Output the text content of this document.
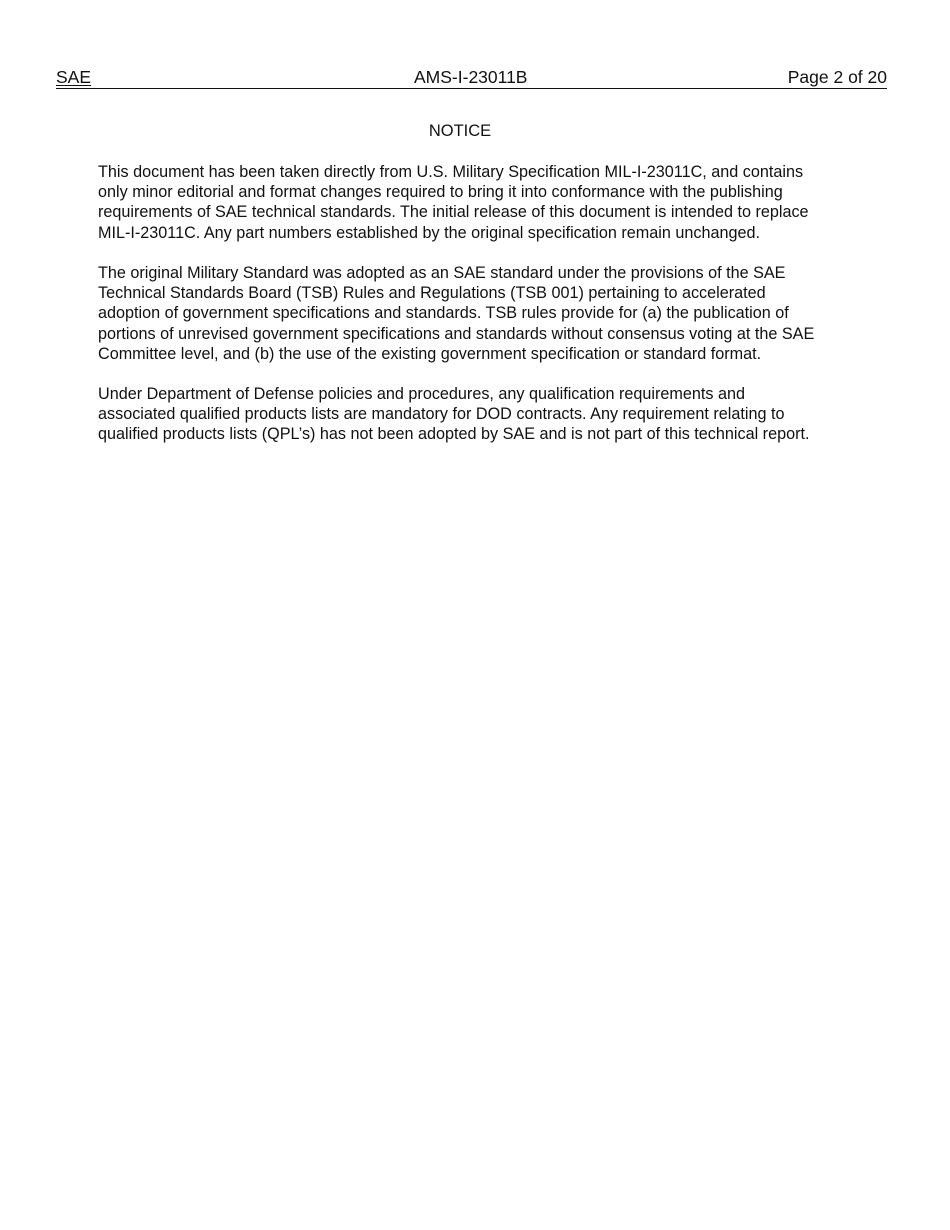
SAE	AMS-I-23011B	Page 2 of 20
NOTICE

This document has been taken directly from U.S. Military Specification MIL-I-23011C, and contains
only minor editorial and format changes required to bring it into conformance with the publishing
requirements of SAE technical standards. The initial release of this document is intended to replace
MIL-I-23011C. Any part numbers established by the original specification remain unchanged.

The original Military Standard was adopted as an SAE standard under the provisions of the SAE
Technical Standards Board (TSB) Rules and Regulations (TSB 001) pertaining to accelerated
adoption of government specifications and standards. TSB rules provide for (a) the publication of
portions of unrevised government specifications and standards without consensus voting at the SAE
Committee level, and (b) the use of the existing government specification or standard format.

Under Department of Defense policies and procedures, any qualification requirements and
associated qualified products lists are mandatory for DOD contracts. Any requirement relating to
qualified products lists (QPL’s) has not been adopted by SAE and is not part of this technical report.
